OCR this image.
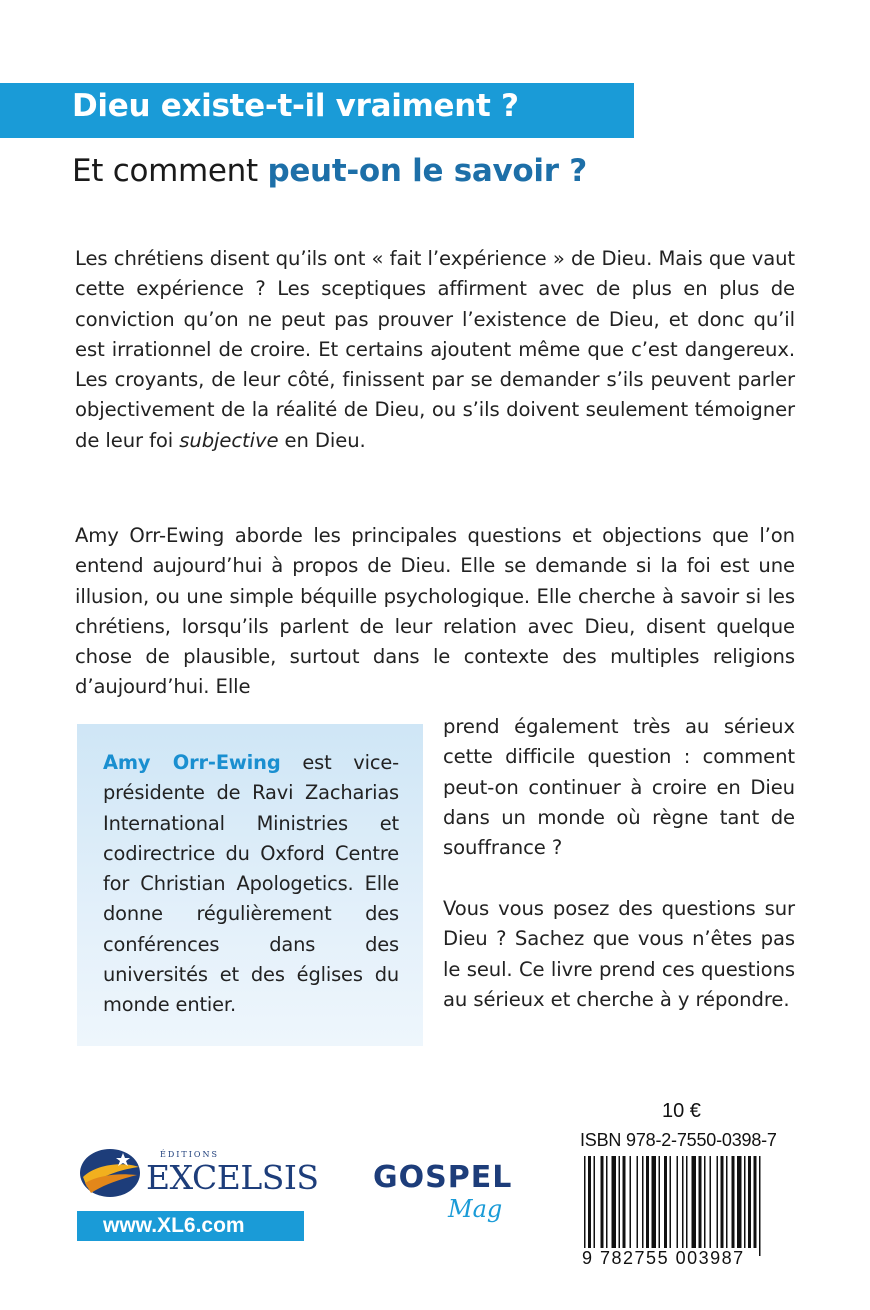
Dieu existe-t-il vraiment ?
Et comment peut-on le savoir ?
Les chrétiens disent qu’ils ont « fait l’expérience » de Dieu. Mais que vaut cette expérience ? Les sceptiques affirment avec de plus en plus de conviction qu’on ne peut pas prouver l’existence de Dieu, et donc qu’il est irrationnel de croire. Et certains ajoutent même que c’est dangereux. Les croyants, de leur côté, finissent par se demander s’ils peuvent parler objectivement de la réalité de Dieu, ou s’ils doivent seulement témoigner de leur foi subjective en Dieu.
Amy Orr-Ewing aborde les principales questions et objections que l’on entend aujourd’hui à propos de Dieu. Elle se demande si la foi est une illusion, ou une simple béquille psychologique. Elle cherche à savoir si les chrétiens, lorsqu’ils parlent de leur relation avec Dieu, disent quelque chose de plausible, surtout dans le contexte des multiples religions d’aujourd’hui. Elle
Amy Orr-Ewing est vice-présidente de Ravi Zacharias International Ministries et codirectrice du Oxford Centre for Christian Apologetics. Elle donne régulièrement des conférences dans des universités et des églises du monde entier.
prend également très au sérieux cette difficile question : comment peut-on continuer à croire en Dieu dans un monde où règne tant de souffrance ?
Vous vous posez des questions sur Dieu ? Sachez que vous n’êtes pas le seul. Ce livre prend ces questions au sérieux et cherche à y répondre.
ÉDITIONS
EXCELSIS
www.XL6.com
GOSPEL
Mag
10 €
ISBN 978-2-7550-0398-7
9 782755 003987
